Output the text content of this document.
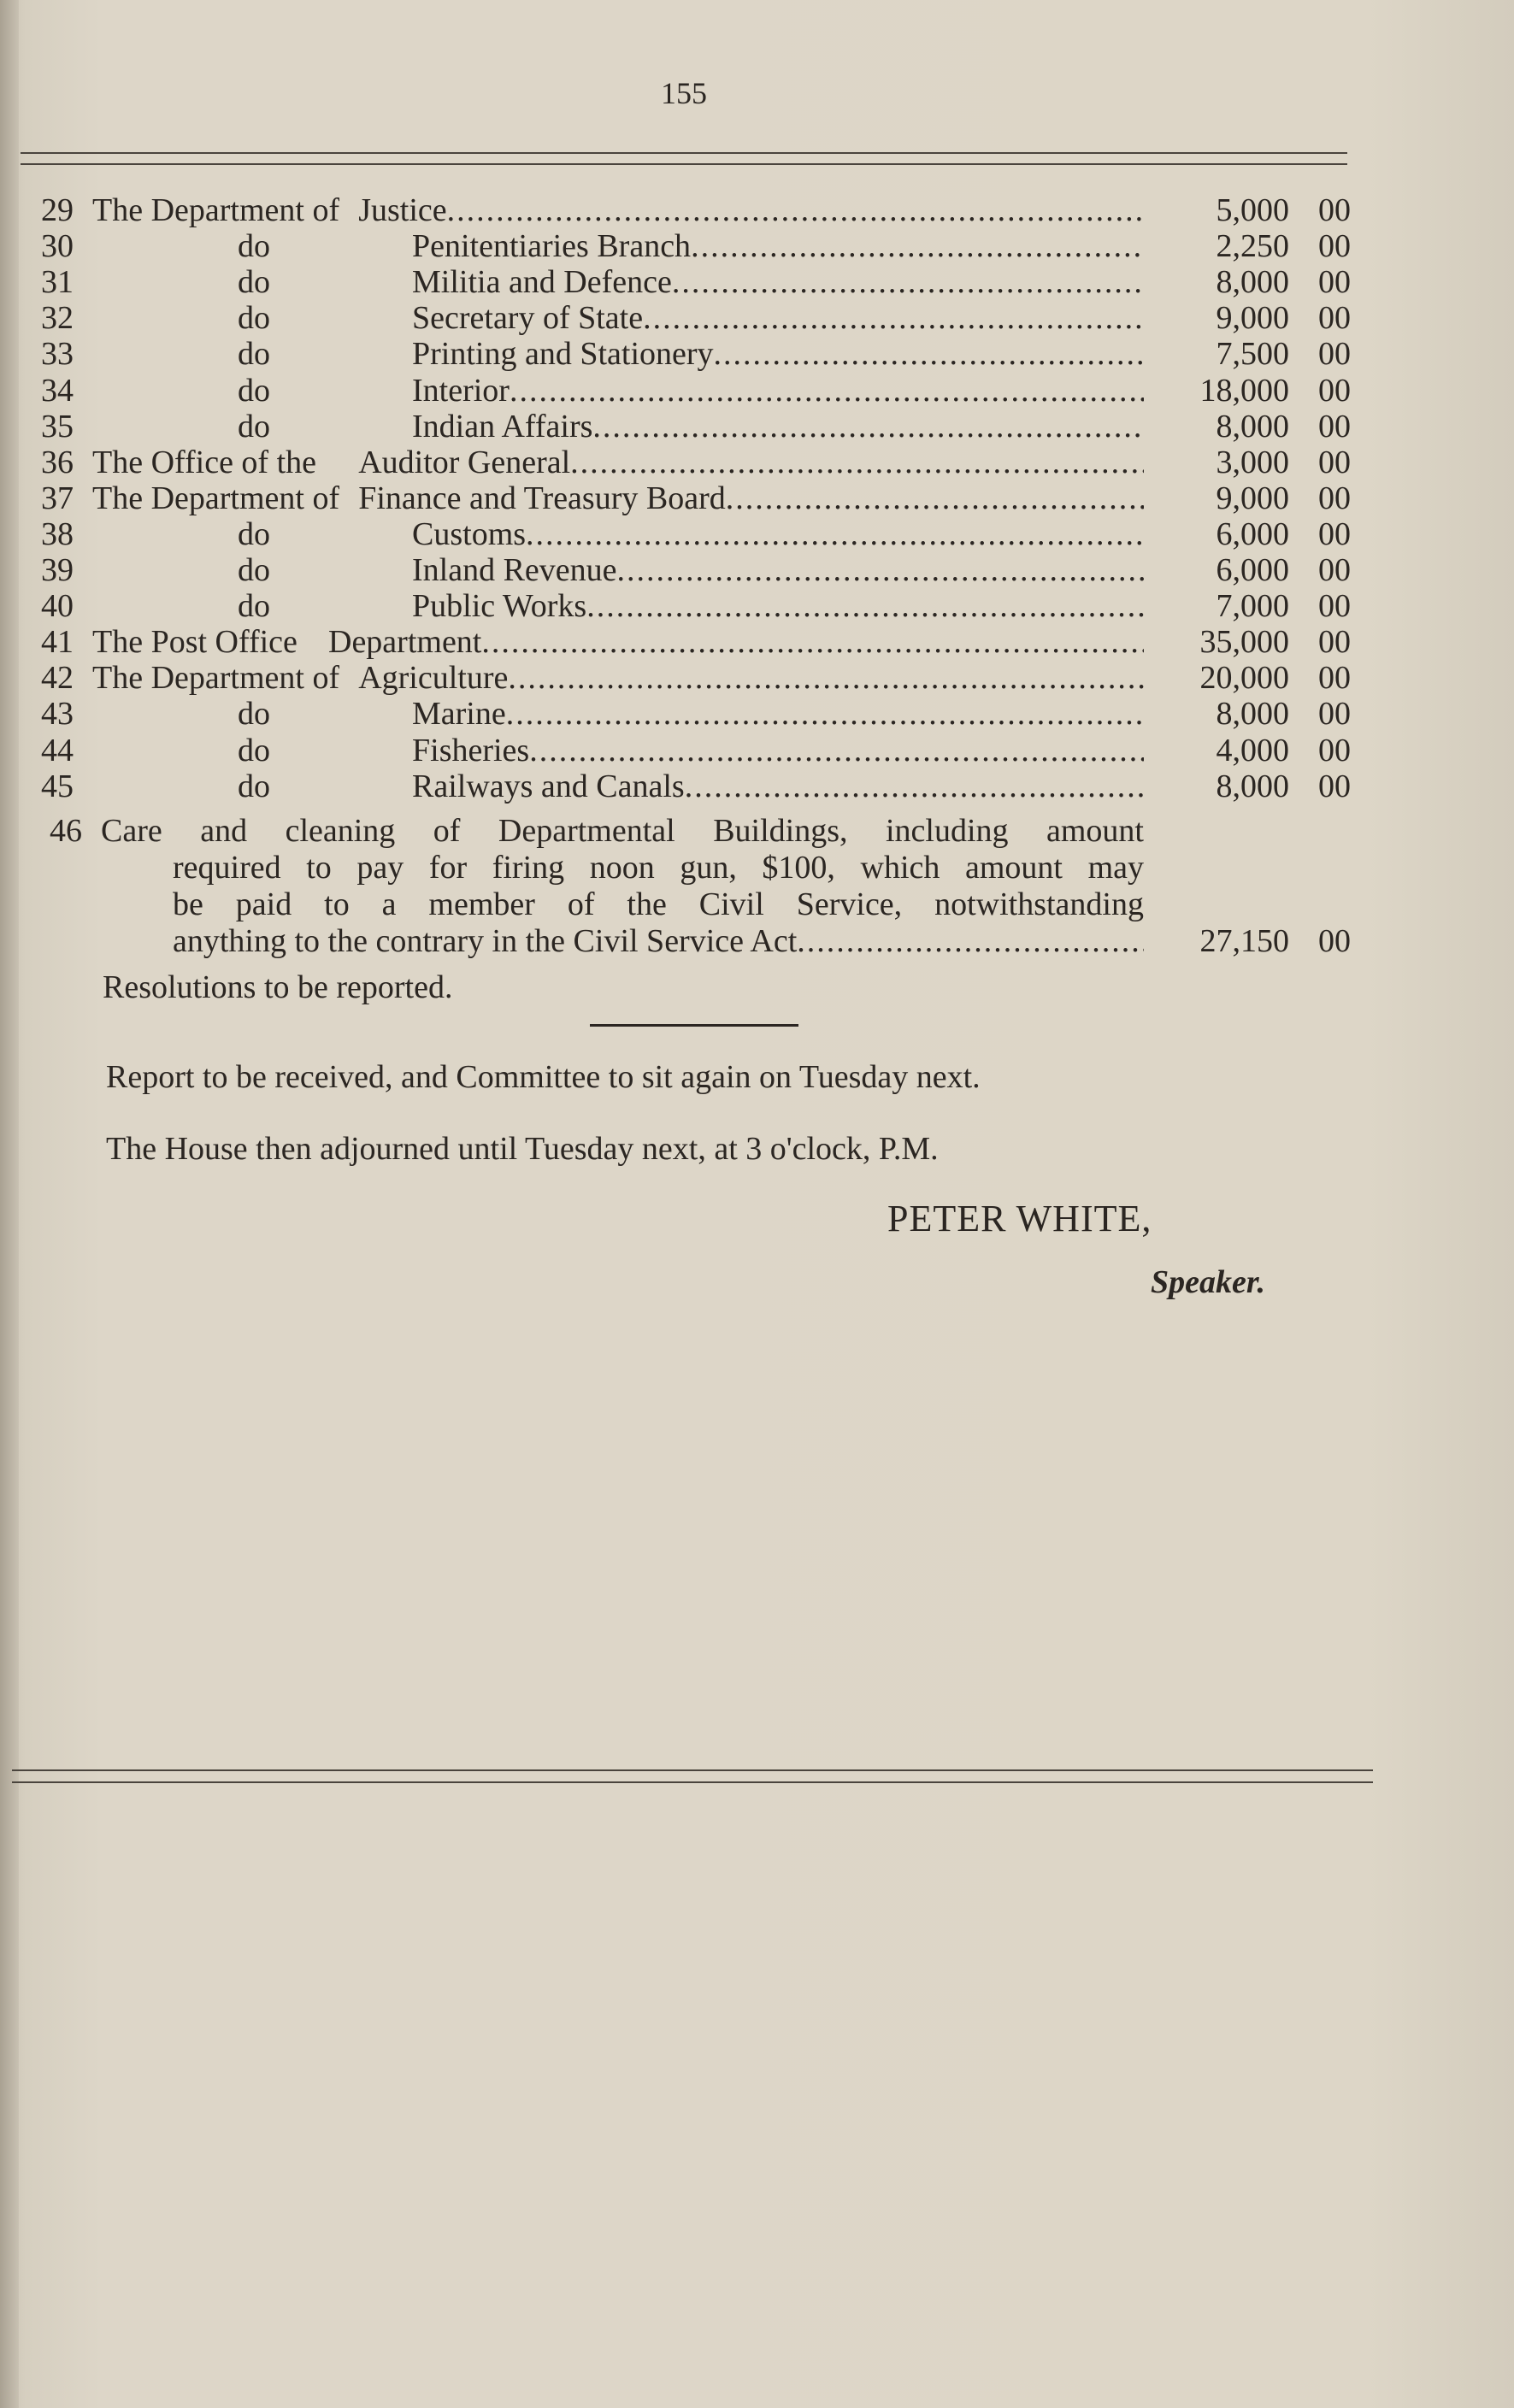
155
29 The Department of Justice .....	5,000 00
30	do	Penitentiaries Branch .....	2,250 00
31	do	Militia and Defence .....	8,000 00
32	do	Secretary of State .....	9,000 00
33	do	Printing and Stationery .....	7,500 00
34	do	Interior .....	18,000 00
35	do	Indian Affairs .....	8,000 00
36 The Office of the Auditor General .....	3,000 00
37 The Department of Finance and Treasury Board .....	9,000 00
38	do	Customs .....	6,000 00
39	do	Inland Revenue .....	6,000 00
40	do	Public Works .....	7,000 00
41 The Post Office Department .....	35,000 00
42 The Department of Agriculture .....	20,000 00
43	do	Marine .....	8,000 00
44	do	Fisheries .....	4,000 00
45	do	Railways and Canals .....	8,000 00
46 Care and cleaning of Departmental Buildings, including amount
required to pay for firing noon gun, $100, which amount may
be paid to a member of the Civil Service, notwithstanding
anything to the contrary in the Civil Service Act .....	27,150 00
Resolutions to be reported.
Report to be received, and Committee to sit again on Tuesday next.
The House then adjourned until Tuesday next, at 3 o'clock, P.M.
PETER WHITE,
Speaker.
